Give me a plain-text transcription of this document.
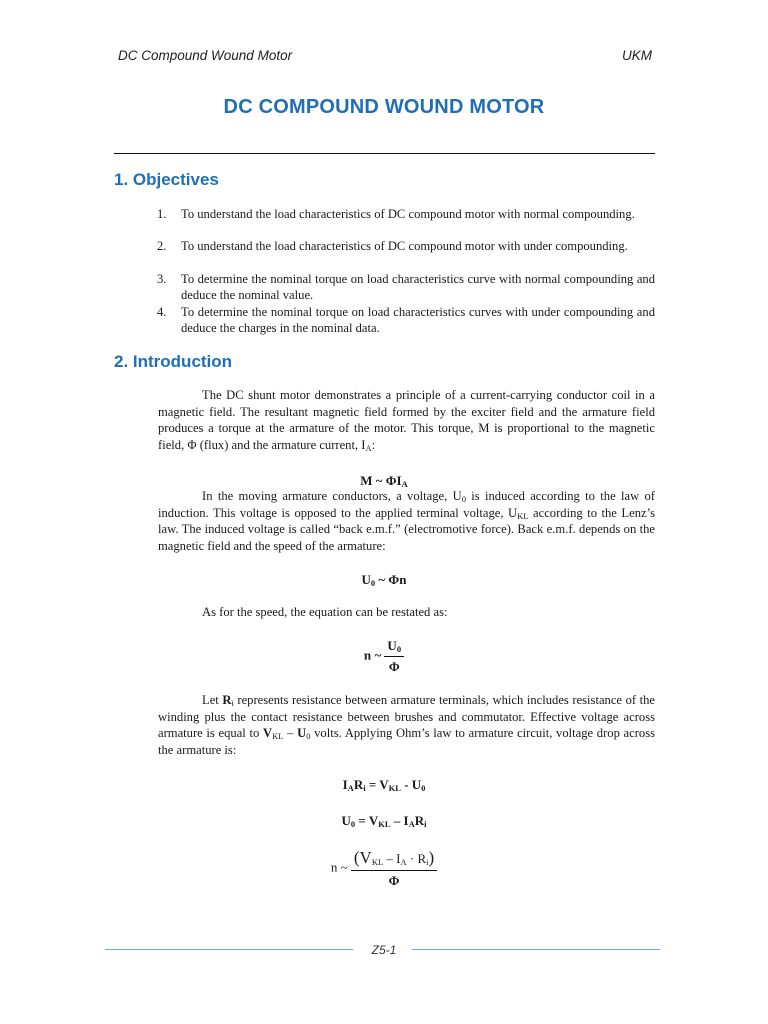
DC Compound Wound Motor	UKM
DC COMPOUND WOUND MOTOR
1. Objectives
1. To understand the load characteristics of DC compound motor with normal compounding.
2. To understand the load characteristics of DC compound motor with under compounding.
3. To determine the nominal torque on load characteristics curve with normal compounding and deduce the nominal value.
4. To determine the nominal torque on load characteristics curves with under compounding and deduce the charges in the nominal data.
2. Introduction
The DC shunt motor demonstrates a principle of a current-carrying conductor coil in a magnetic field. The resultant magnetic field formed by the exciter field and the armature field produces a torque at the armature of the motor. This torque, M is proportional to the magnetic field, Φ (flux) and the armature current, $I_A$:
M ~ $\Phi I_A$
In the moving armature conductors, a voltage, $U_0$ is induced according to the law of induction. This voltage is opposed to the applied terminal voltage, $U_{KL}$ according to the Lenz’s law. The induced voltage is called “back e.m.f.” (electromotive force). Back e.m.f. depends on the magnetic field and the speed of the armature:
$U_0$ ~ Φn
As for the speed, the equation can be restated as:
n ~ $\frac{U_0}{\Phi}$
Let $R_i$ represents resistance between armature terminals, which includes resistance of the winding plus the contact resistance between brushes and commutator. Effective voltage across armature is equal to $V_{KL} - U_0$ volts. Applying Ohm’s law to armature circuit, voltage drop across the armature is:
$I_AR_i = V_{KL} - U_0$
$U_0 = V_{KL} - I_AR_i$
n ~ $\frac{(V_{KL} - I_A \cdot R_i)}{\Phi}$
Z5-1
